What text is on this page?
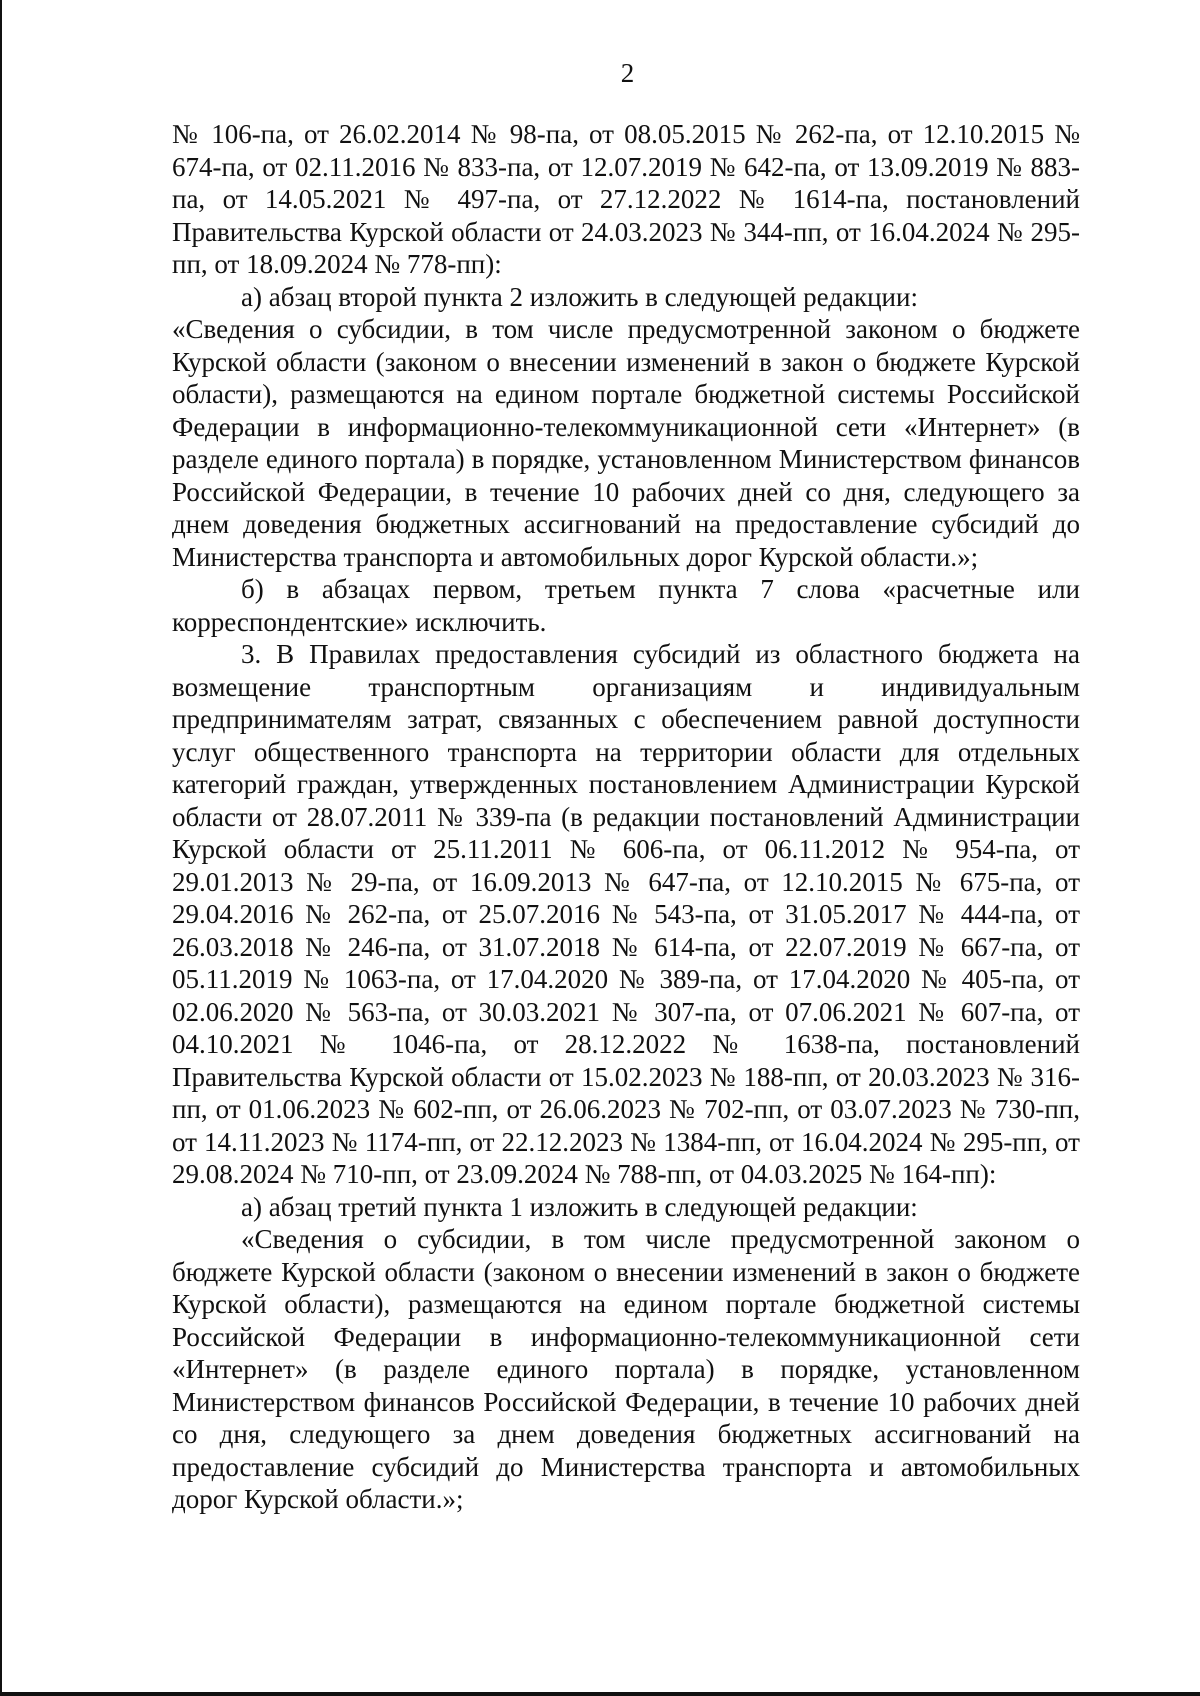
2

№ 106-па, от 26.02.2014 № 98-па, от 08.05.2015 № 262-па, от 12.10.2015 № 674-па, от 02.11.2016 № 833-па, от 12.07.2019 № 642-па, от 13.09.2019 № 883-па, от 14.05.2021 № 497-па, от 27.12.2022 № 1614-па, постановлений Правительства Курской области от 24.03.2023 № 344-пп, от 16.04.2024 № 295-пп, от 18.09.2024 № 778-пп):

а) абзац второй пункта 2 изложить в следующей редакции:

«Сведения о субсидии, в том числе предусмотренной законом о бюджете Курской области (законом о внесении изменений в закон о бюджете Курской области), размещаются на едином портале бюджетной системы Российской Федерации в информационно-телекоммуникационной сети «Интернет» (в разделе единого портала) в порядке, установленном Министерством финансов Российской Федерации, в течение 10 рабочих дней со дня, следующего за днем доведения бюджетных ассигнований на предоставление субсидий до Министерства транспорта и автомобильных дорог Курской области.»;

б) в абзацах первом, третьем пункта 7 слова «расчетные или корреспондентские» исключить.

3. В Правилах предоставления субсидий из областного бюджета на возмещение транспортным организациям и индивидуальным предпринимателям затрат, связанных с обеспечением равной доступности услуг общественного транспорта на территории области для отдельных категорий граждан, утвержденных постановлением Администрации Курской области от 28.07.2011 № 339-па (в редакции постановлений Администрации Курской области от 25.11.2011 № 606-па, от 06.11.2012 № 954-па, от 29.01.2013 № 29-па, от 16.09.2013 № 647-па, от 12.10.2015 № 675-па, от 29.04.2016 № 262-па, от 25.07.2016 № 543-па, от 31.05.2017 № 444-па, от 26.03.2018 № 246-па, от 31.07.2018 № 614-па, от 22.07.2019 № 667-па, от 05.11.2019 № 1063-па, от 17.04.2020 № 389-па, от 17.04.2020 № 405-па, от 02.06.2020 № 563-па, от 30.03.2021 № 307-па, от 07.06.2021 № 607-па, от 04.10.2021 № 1046-па, от 28.12.2022 № 1638-па, постановлений Правительства Курской области от 15.02.2023 № 188-пп, от 20.03.2023 № 316-пп, от 01.06.2023 № 602-пп, от 26.06.2023 № 702-пп, от 03.07.2023 № 730-пп, от 14.11.2023 № 1174-пп, от 22.12.2023 № 1384-пп, от 16.04.2024 № 295-пп, от 29.08.2024 № 710-пп, от 23.09.2024 № 788-пп, от 04.03.2025 № 164-пп):

а) абзац третий пункта 1 изложить в следующей редакции:

«Сведения о субсидии, в том числе предусмотренной законом о бюджете Курской области (законом о внесении изменений в закон о бюджете Курской области), размещаются на едином портале бюджетной системы Российской Федерации в информационно-телекоммуникационной сети «Интернет» (в разделе единого портала) в порядке, установленном Министерством финансов Российской Федерации, в течение 10 рабочих дней со дня, следующего за днем доведения бюджетных ассигнований на предоставление субсидий до Министерства транспорта и автомобильных дорог Курской области.»;
